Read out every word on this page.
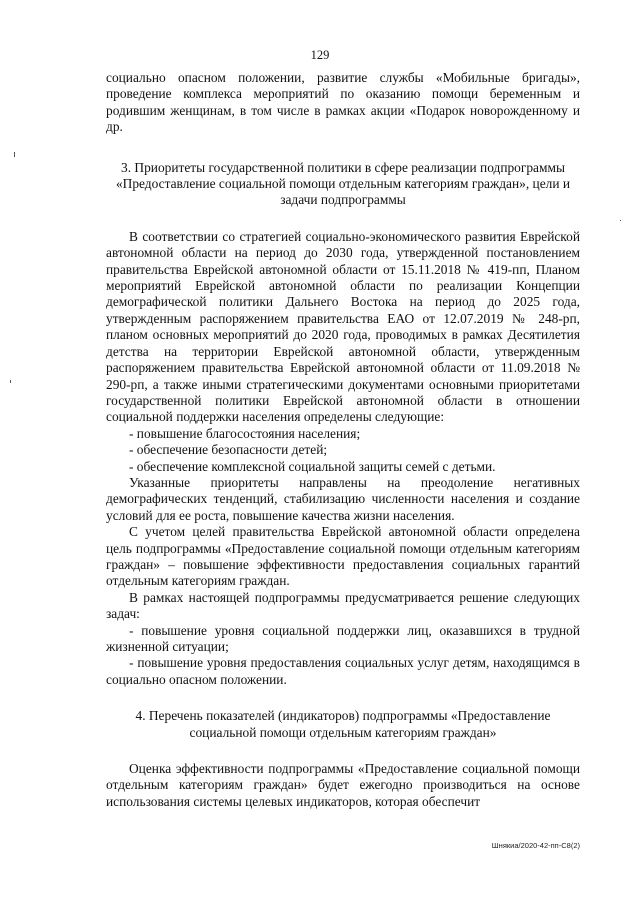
129

социально опасном положении, развитие службы «Мобильные бригады», проведение комплекса мероприятий по оказанию помощи беременным и родившим женщинам, в том числе в рамках акции «Подарок новорожденному и др.

3. Приоритеты государственной политики в сфере реализации подпрограммы «Предоставление социальной помощи отдельным категориям граждан», цели и задачи подпрограммы

В соответствии со стратегией социально-экономического развития Еврейской автономной области на период до 2030 года, утвержденной постановлением правительства Еврейской автономной области от 15.11.2018 № 419-пп, Планом мероприятий Еврейской автономной области по реализации Концепции демографической политики Дальнего Востока на период до 2025 года, утвержденным распоряжением правительства ЕАО от 12.07.2019 № 248-рп, планом основных мероприятий до 2020 года, проводимых в рамках Десятилетия детства на территории Еврейской автономной области, утвержденным распоряжением правительства Еврейской автономной области от 11.09.2018 № 290-рп, а также иными стратегическими документами основными приоритетами государственной политики Еврейской автономной области в отношении социальной поддержки населения определены следующие:

- повышение благосостояния населения;

- обеспечение безопасности детей;

- обеспечение комплексной социальной защиты семей с детьми.

Указанные приоритеты направлены на преодоление негативных демографических тенденций, стабилизацию численности населения и создание условий для ее роста, повышение качества жизни населения.

С учетом целей правительства Еврейской автономной области определена цель подпрограммы «Предоставление социальной помощи отдельным категориям граждан» – повышение эффективности предоставления социальных гарантий отдельным категориям граждан.

В рамках настоящей подпрограммы предусматривается решение следующих задач:

- повышение уровня социальной поддержки лиц, оказавшихся в трудной жизненной ситуации;

- повышение уровня предоставления социальных услуг детям, находящимся в социально опасном положении.

4. Перечень показателей (индикаторов) подпрограммы «Предоставление социальной помощи отдельным категориям граждан»

Оценка эффективности подпрограммы «Предоставление социальной помощи отдельным категориям граждан» будет ежегодно производиться на основе использования системы целевых индикаторов, которая обеспечит

Шнякиа/2020-42-пп-С8(2)
